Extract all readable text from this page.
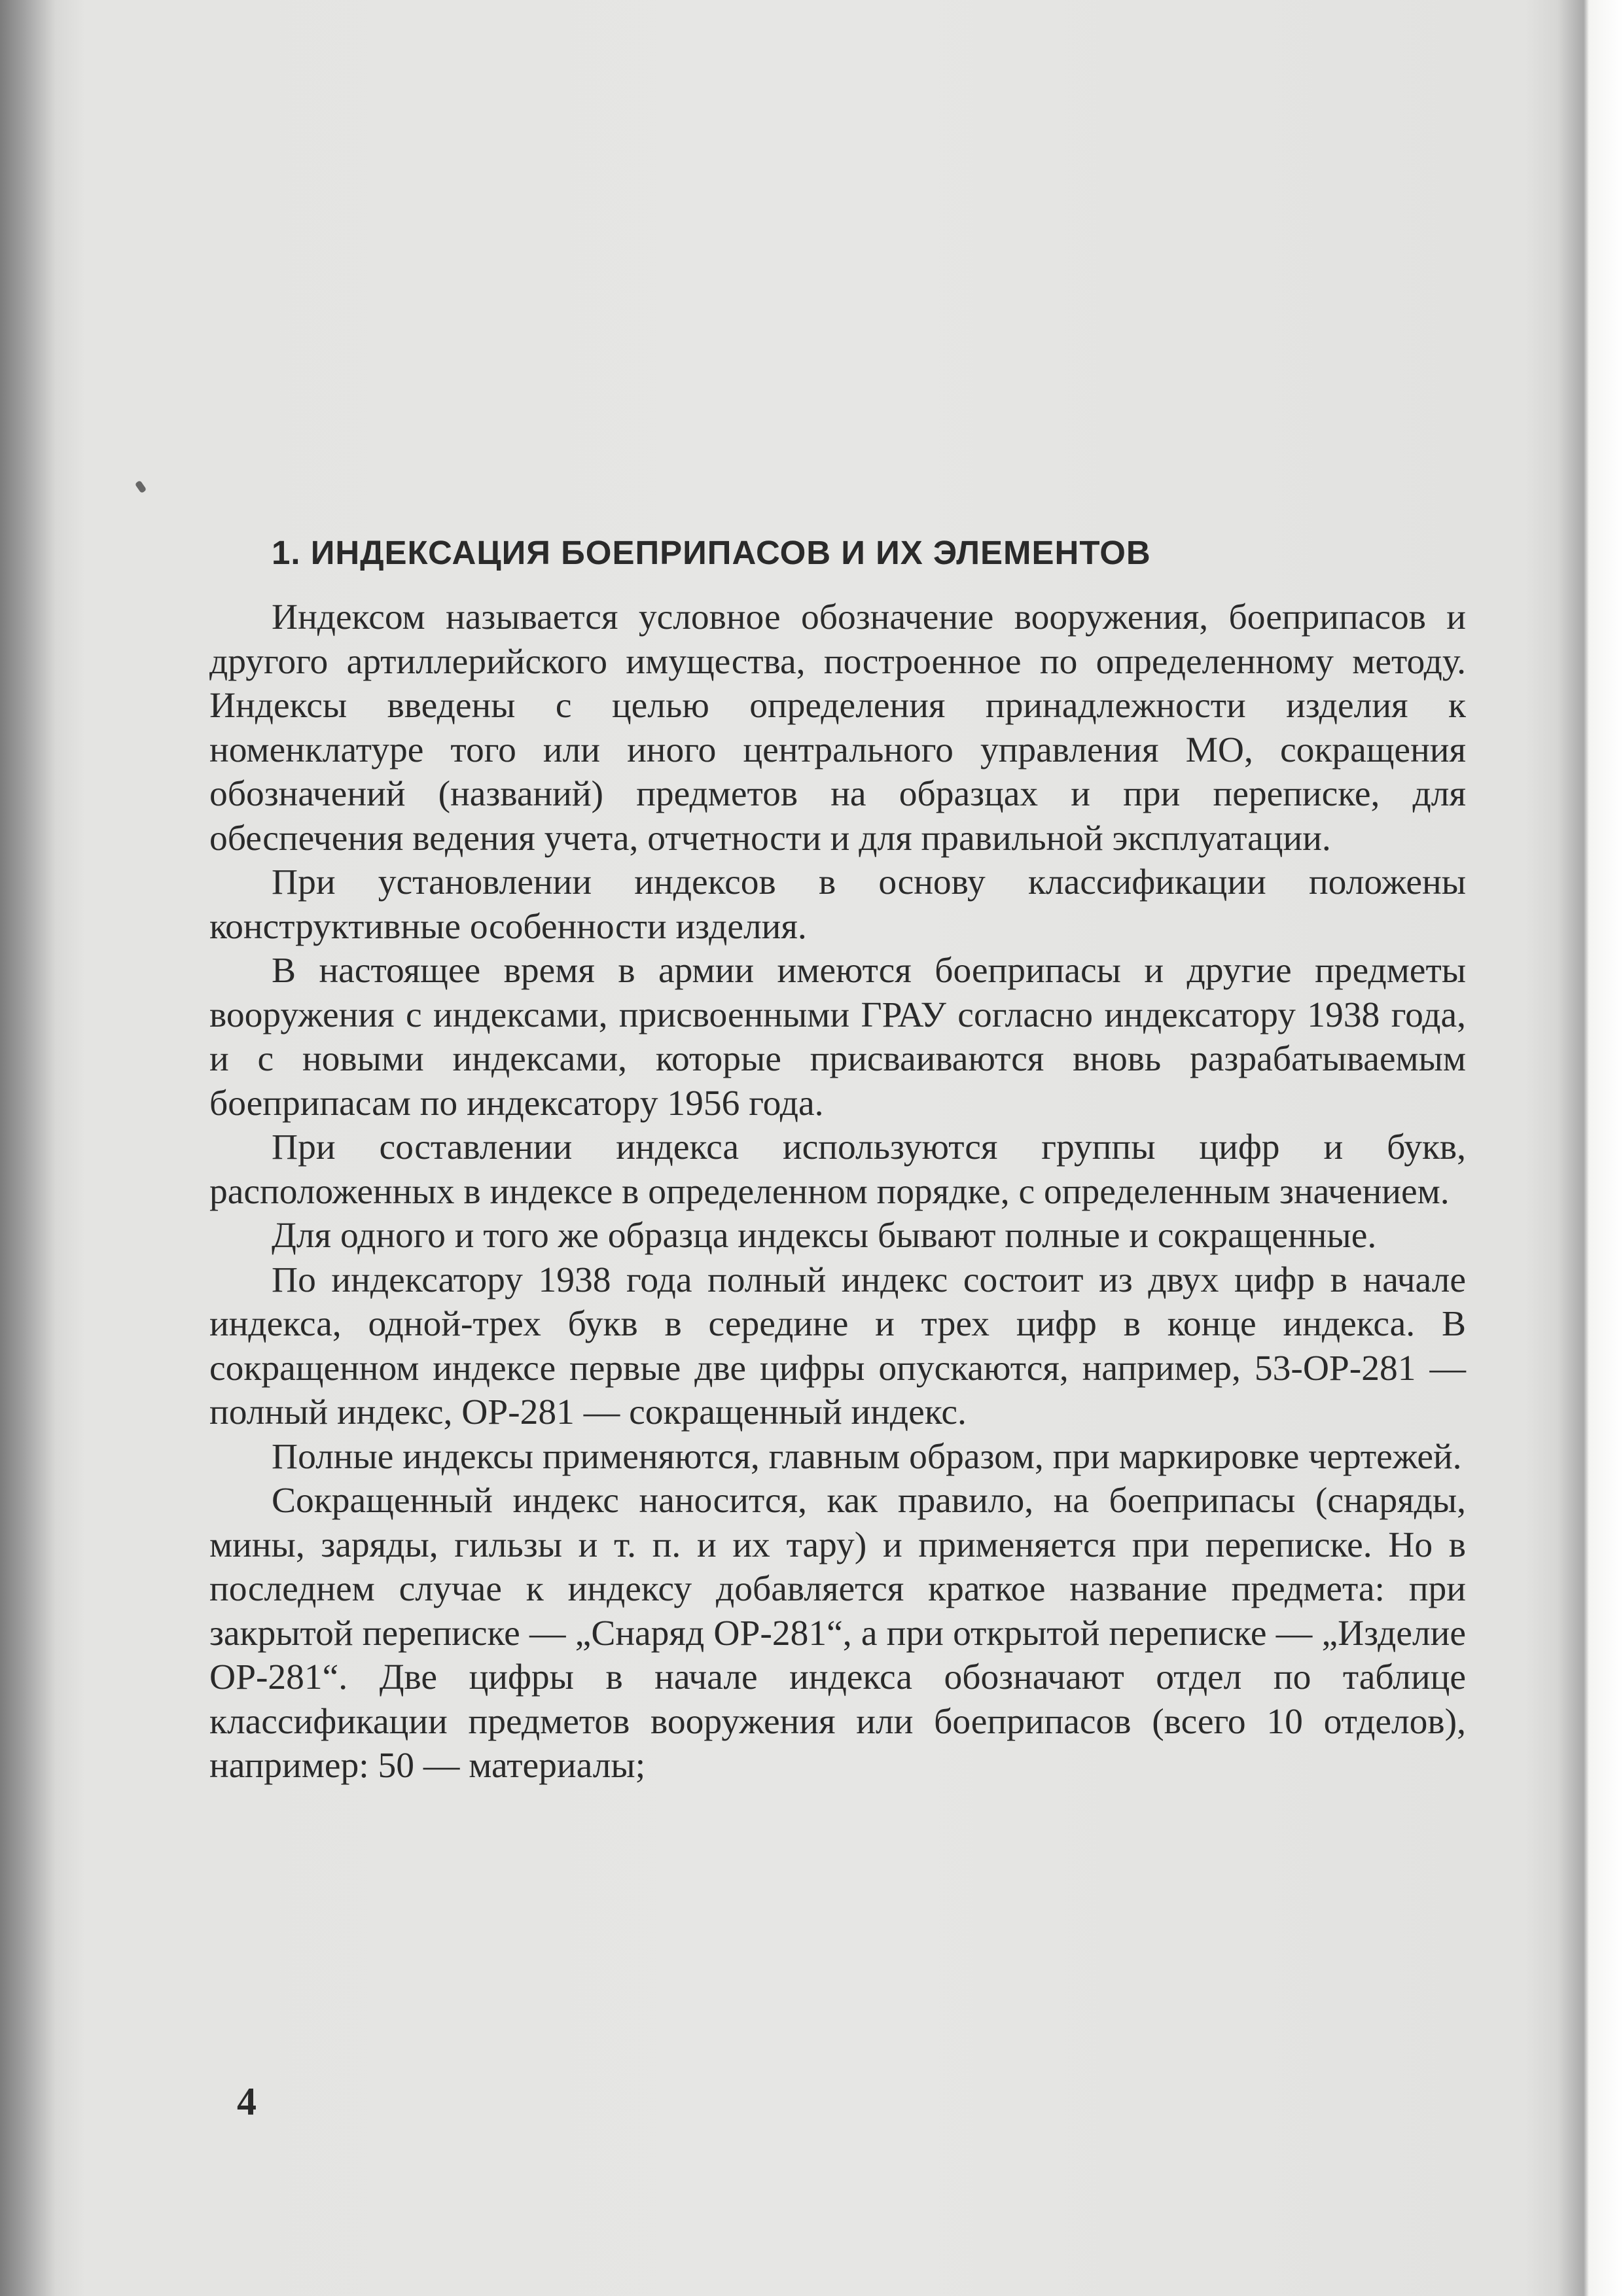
1. ИНДЕКСАЦИЯ БОЕПРИПАСОВ И ИХ ЭЛЕМЕНТОВ

Индексом называется условное обозначение вооружения, боеприпасов и другого артиллерийского имущества, построенное по определенному методу. Индексы введены с целью определения принадлежности изделия к номенклатуре того или иного центрального управления МО, сокращения обозначений (названий) предметов на образцах и при переписке, для обеспечения ведения учета, отчетности и для правильной эксплуатации.

При установлении индексов в основу классификации положены конструктивные особенности изделия.

В настоящее время в армии имеются боеприпасы и другие предметы вооружения с индексами, присвоенными ГРАУ согласно индексатору 1938 года, и с новыми индексами, которые присваиваются вновь разрабатываемым боеприпасам по индексатору 1956 года.

При составлении индекса используются группы цифр и букв, расположенных в индексе в определенном порядке, с определенным значением.

Для одного и того же образца индексы бывают полные и сокращенные.

По индексатору 1938 года полный индекс состоит из двух цифр в начале индекса, одной-трех букв в середине и трех цифр в конце индекса. В сокращенном индексе первые две цифры опускаются, например, 53-ОР-281 — полный индекс, ОР-281 — сокращенный индекс.

Полные индексы применяются, главным образом, при маркировке чертежей.

Сокращенный индекс наносится, как правило, на боеприпасы (снаряды, мины, заряды, гильзы и т. п. и их тару) и применяется при переписке. Но в последнем случае к индексу добавляется краткое название предмета: при закрытой переписке — „Снаряд ОР-281“, а при открытой переписке — „Изделие ОР-281“. Две цифры в начале индекса обозначают отдел по таблице классификации предметов вооружения или боеприпасов (всего 10 отделов), например: 50 — материалы;

4
